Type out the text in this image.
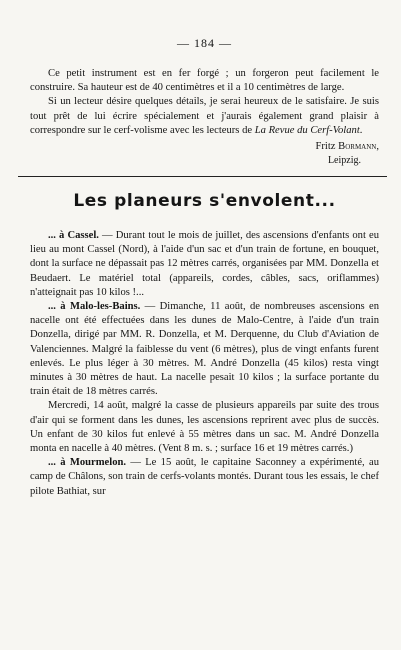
— 184 —

Ce petit instrument est en fer forgé ; un forgeron peut facilement le construire. Sa hauteur est de 40 centimètres et il a 10 centimètres de large.

Si un lecteur désire quelques détails, je serai heureux de le satisfaire. Je suis tout prêt de lui écrire spécialement et j'aurais également grand plaisir à correspondre sur le cerf-volisme avec les lecteurs de La Revue du Cerf-Volant.

Fritz Bormann,
Leipzig.
Les planeurs s'envolent...

... à Cassel. — Durant tout le mois de juillet, des ascensions d'enfants ont eu lieu au mont Cassel (Nord), à l'aide d'un sac et d'un train de fortune, en bouquet, dont la surface ne dépassait pas 12 mètres carrés, organisées par MM. Donzella et Beudaert. Le matériel total (appareils, cordes, câbles, sacs, oriflammes) n'atteignait pas 10 kilos !...

... à Malo-les-Bains. — Dimanche, 11 août, de nombreuses ascensions en nacelle ont été effectuées dans les dunes de Malo-Centre, à l'aide d'un train Donzella, dirigé par MM. R. Donzella, et M. Derquenne, du Club d'Aviation de Valenciennes. Malgré la faiblesse du vent (6 mètres), plus de vingt enfants furent enlevés. Le plus léger à 30 mètres. M. André Donzella (45 kilos) resta vingt minutes à 30 mètres de haut. La nacelle pesait 10 kilos ; la surface portante du train était de 18 mètres carrés.

Mercredi, 14 août, malgré la casse de plusieurs appareils par suite des trous d'air qui se forment dans les dunes, les ascensions reprirent avec plus de succès. Un enfant de 30 kilos fut enlevé à 55 mètres dans un sac. M. André Donzella monta en nacelle à 40 mètres. (Vent 8 m. s. ; surface 16 et 19 mètres carrés.)

... à Mourmelon. — Le 15 août, le capitaine Saconney a expérimenté, au camp de Châlons, son train de cerfs-volants montés. Durant tous les essais, le chef pilote Bathiat, sur
